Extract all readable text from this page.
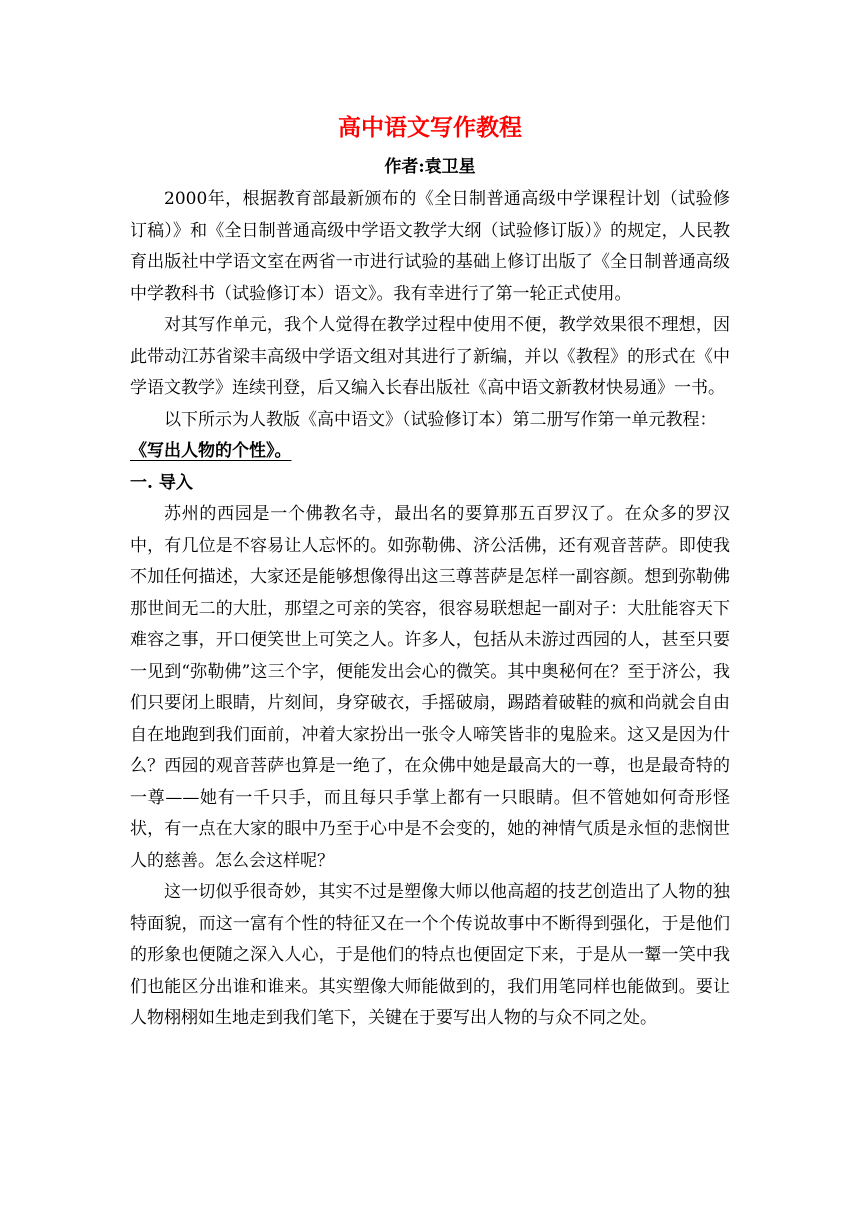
高中语文写作教程
作者:袁卫星

2000年，根据教育部最新颁布的《全日制普通高级中学课程计划（试验修订稿）》和《全日制普通高级中学语文教学大纲（试验修订版）》的规定，人民教育出版社中学语文室在两省一市进行试验的基础上修订出版了《全日制普通高级中学教科书（试验修订本）语文》。我有幸进行了第一轮正式使用。

对其写作单元，我个人觉得在教学过程中使用不便，教学效果很不理想，因此带动江苏省梁丰高级中学语文组对其进行了新编，并以《教程》的形式在《中学语文教学》连续刊登，后又编入长春出版社《高中语文新教材快易通》一书。

以下所示为人教版《高中语文》（试验修订本）第二册写作第一单元教程：

《写出人物的个性》。

一. 导入

苏州的西园是一个佛教名寺，最出名的要算那五百罗汉了。在众多的罗汉中，有几位是不容易让人忘怀的。如弥勒佛、济公活佛，还有观音菩萨。即使我不加任何描述，大家还是能够想像得出这三尊菩萨是怎样一副容颜。想到弥勒佛那世间无二的大肚，那望之可亲的笑容，很容易联想起一副对子：大肚能容天下难容之事，开口便笑世上可笑之人。许多人，包括从未游过西园的人，甚至只要一见到“弥勒佛”这三个字，便能发出会心的微笑。其中奥秘何在？至于济公，我们只要闭上眼睛，片刻间，身穿破衣，手摇破扇，踢踏着破鞋的疯和尚就会自由自在地跑到我们面前，冲着大家扮出一张令人啼笑皆非的鬼脸来。这又是因为什么？西园的观音菩萨也算是一绝了，在众佛中她是最高大的一尊，也是最奇特的一尊——她有一千只手，而且每只手掌上都有一只眼睛。但不管她如何奇形怪状，有一点在大家的眼中乃至于心中是不会变的，她的神情气质是永恒的悲悯世人的慈善。怎么会这样呢？

这一切似乎很奇妙，其实不过是塑像大师以他高超的技艺创造出了人物的独特面貌，而这一富有个性的特征又在一个个传说故事中不断得到强化，于是他们的形象也便随之深入人心，于是他们的特点也便固定下来，于是从一颦一笑中我们也能区分出谁和谁来。其实塑像大师能做到的，我们用笔同样也能做到。要让人物栩栩如生地走到我们笔下，关键在于要写出人物的与众不同之处。
